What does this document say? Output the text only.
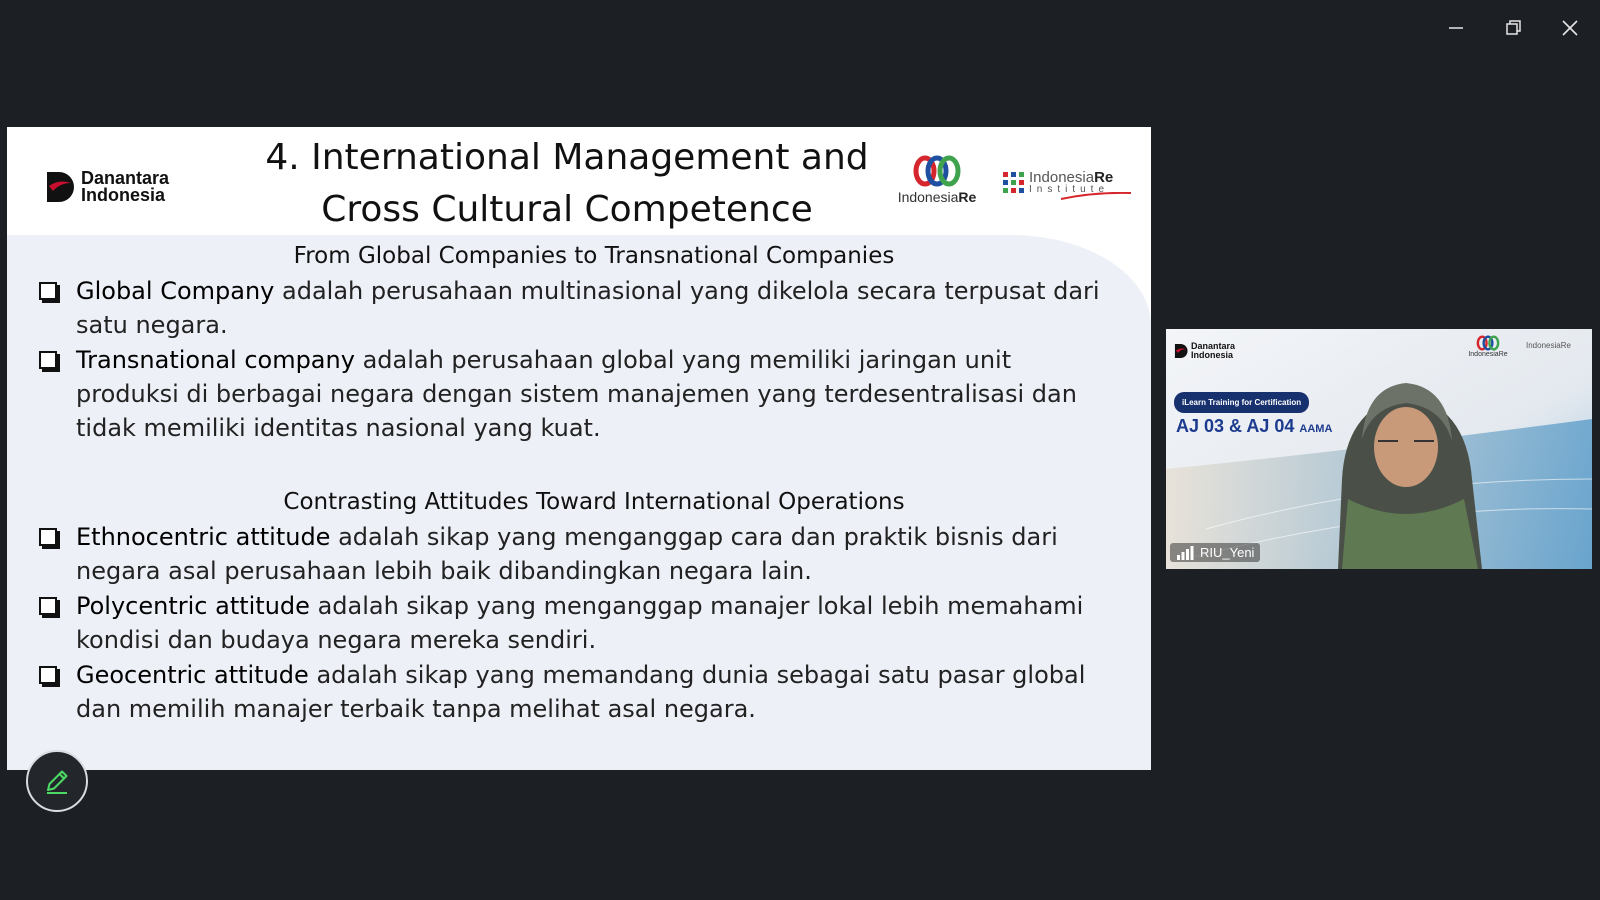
Danantara
Indonesia
4. International Management and
Cross Cultural Competence	IndonesiaRe
IndonesiaRe
Institute
From Global Companies to Transnational Companies
Global Company adalah perusahaan multinasional yang dikelola secara terpusat dari satu negara.
Transnational company adalah perusahaan global yang memiliki jaringan unit produksi di berbagai negara dengan sistem manajemen yang terdesentralisasi dan tidak memiliki identitas nasional yang kuat.
Contrasting Attitudes Toward International Operations
Ethnocentric attitude adalah sikap yang menganggap cara dan praktik bisnis dari negara asal perusahaan lebih baik dibandingkan negara lain.
Polycentric attitude adalah sikap yang menganggap manajer lokal lebih memahami kondisi dan budaya negara mereka sendiri.
Geocentric attitude adalah sikap yang memandang dunia sebagai satu pasar global dan memilih manajer terbaik tanpa melihat asal negara.
Danantara
Indonesia	IndonesiaRe
IndonesiaRe
iLearn Training for Certification
AJ 03 & AJ 04 AAMA
RIU_Yeni
